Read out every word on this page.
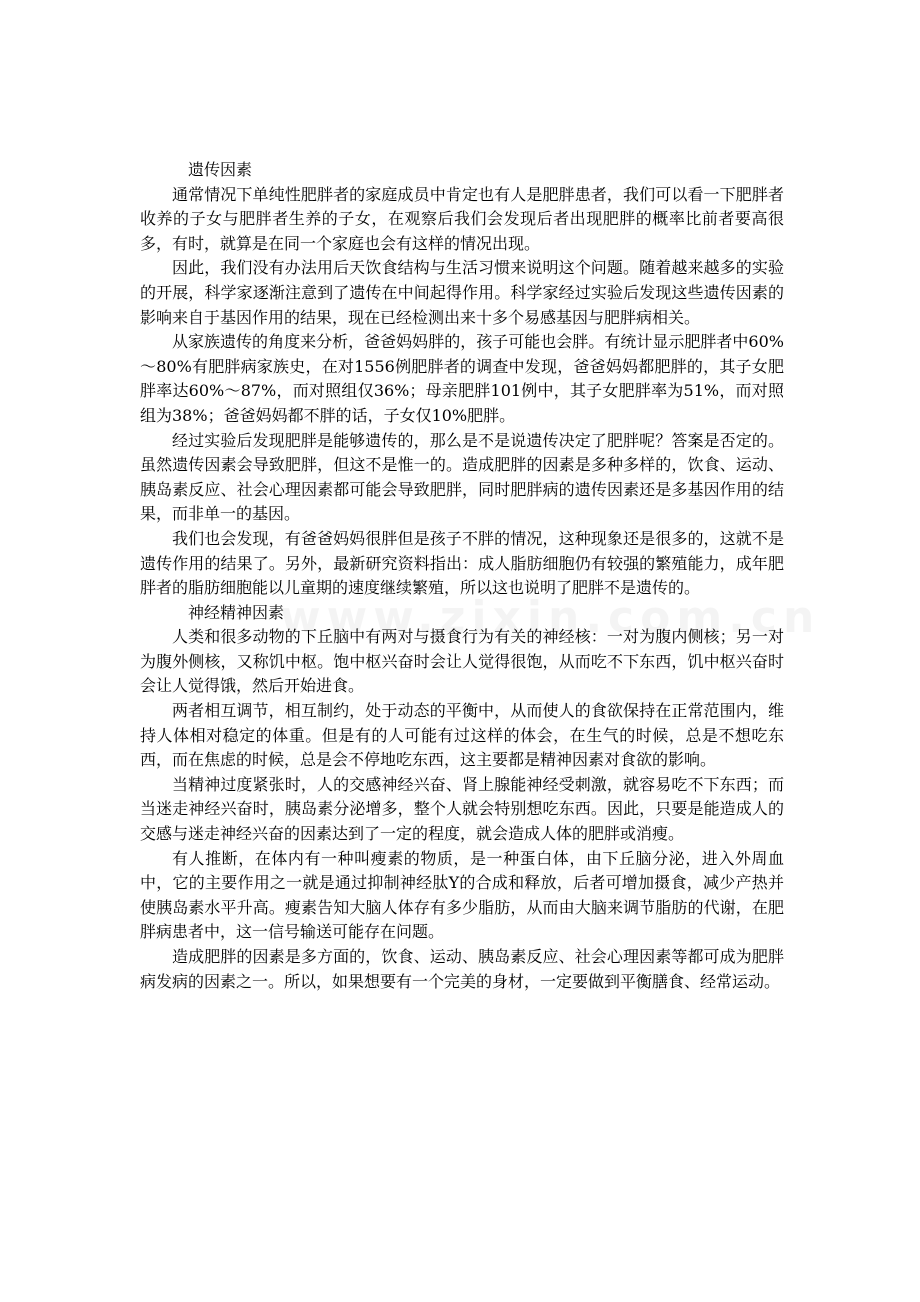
遗传因素

通常情况下单纯性肥胖者的家庭成员中肯定也有人是肥胖患者，我们可以看一下肥胖者收养的子女与肥胖者生养的子女，在观察后我们会发现后者出现肥胖的概率比前者要高很多，有时，就算是在同一个家庭也会有这样的情况出现。

因此，我们没有办法用后天饮食结构与生活习惯来说明这个问题。随着越来越多的实验的开展，科学家逐渐注意到了遗传在中间起得作用。科学家经过实验后发现这些遗传因素的影响来自于基因作用的结果，现在已经检测出来十多个易感基因与肥胖病相关。

从家族遗传的角度来分析，爸爸妈妈胖的，孩子可能也会胖。有统计显示肥胖者中60%～80%有肥胖病家族史，在对1556例肥胖者的调查中发现，爸爸妈妈都肥胖的，其子女肥胖率达60%～87%，而对照组仅36%；母亲肥胖101例中，其子女肥胖率为51%，而对照组为38%；爸爸妈妈都不胖的话，子女仅10%肥胖。

经过实验后发现肥胖是能够遗传的，那么是不是说遗传决定了肥胖呢？答案是否定的。虽然遗传因素会导致肥胖，但这不是惟一的。造成肥胖的因素是多种多样的，饮食、运动、胰岛素反应、社会心理因素都可能会导致肥胖，同时肥胖病的遗传因素还是多基因作用的结果，而非单一的基因。

我们也会发现，有爸爸妈妈很胖但是孩子不胖的情况，这种现象还是很多的，这就不是遗传作用的结果了。另外，最新研究资料指出：成人脂肪细胞仍有较强的繁殖能力，成年肥胖者的脂肪细胞能以儿童期的速度继续繁殖，所以这也说明了肥胖不是遗传的。

神经精神因素

人类和很多动物的下丘脑中有两对与摄食行为有关的神经核：一对为腹内侧核；另一对为腹外侧核，又称饥中枢。饱中枢兴奋时会让人觉得很饱，从而吃不下东西，饥中枢兴奋时会让人觉得饿，然后开始进食。

两者相互调节，相互制约，处于动态的平衡中，从而使人的食欲保持在正常范围内，维持人体相对稳定的体重。但是有的人可能有过这样的体会，在生气的时候，总是不想吃东西，而在焦虑的时候，总是会不停地吃东西，这主要都是精神因素对食欲的影响。

当精神过度紧张时，人的交感神经兴奋、肾上腺能神经受刺激，就容易吃不下东西；而当迷走神经兴奋时，胰岛素分泌增多，整个人就会特别想吃东西。因此，只要是能造成人的交感与迷走神经兴奋的因素达到了一定的程度，就会造成人体的肥胖或消瘦。

有人推断，在体内有一种叫瘦素的物质，是一种蛋白体，由下丘脑分泌，进入外周血中，它的主要作用之一就是通过抑制神经肽Y的合成和释放，后者可增加摄食，减少产热并使胰岛素水平升高。瘦素告知大脑人体存有多少脂肪，从而由大脑来调节脂肪的代谢，在肥胖病患者中，这一信号输送可能存在问题。

造成肥胖的因素是多方面的，饮食、运动、胰岛素反应、社会心理因素等都可成为肥胖病发病的因素之一。所以，如果想要有一个完美的身材，一定要做到平衡膳食、经常运动。
